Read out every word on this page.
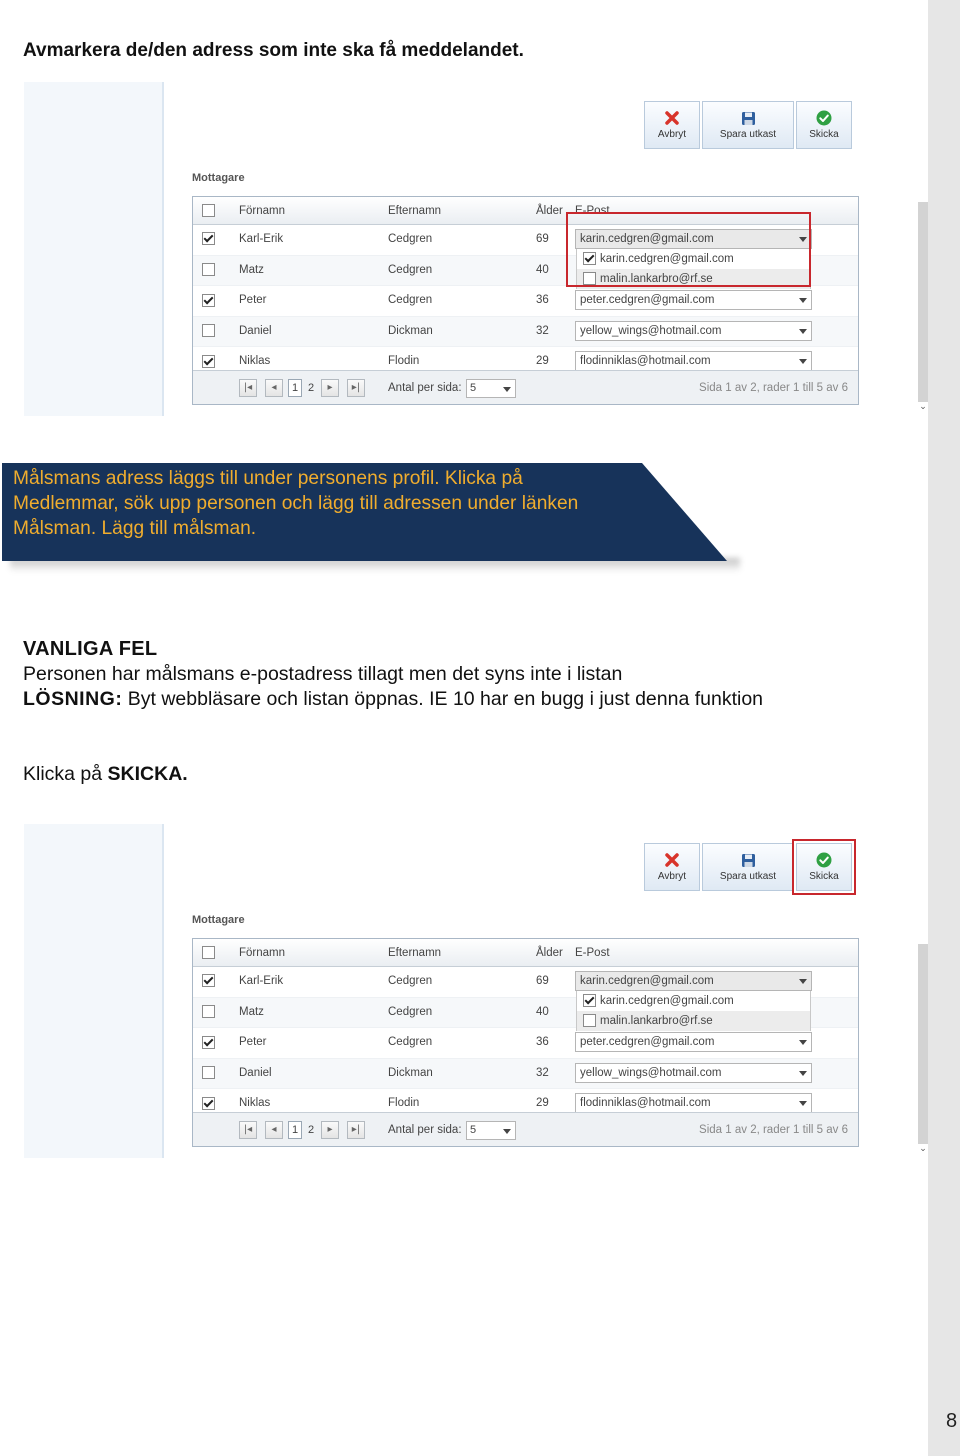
Avmarkera de/den adress som inte ska få meddelandet.
⌄
Avbryt	Spara utkast	Skicka
Mottagare
Förnamn	Efternamn	Ålder E-Post
Karl-Erik	Cedgren	69	karin.cedgren@gmail.com
Matz	Cedgren	40
Peter	Cedgren	36	peter.cedgren@gmail.com
Daniel	Dickman	32	yellow_wings@hotmail.com
Niklas	Flodin	29	flodinniklas@hotmail.com
karin.cedgren@gmail.com
malin.lankarbro@rf.se
|◂	◂	1 2	▸	▸|	Antal per sida: 5	Sida 1 av 2, rader 1 till 5 av 6
Målsmans adress läggs till under personens profil. Klicka på Medlemmar, sök upp personen och lägg till adressen under länken Målsman. Lägg till målsman.
VANLIGA FEL
Personen har målsmans e-postadress tillagt men det syns inte i listan
LÖSNING: Byt webbläsare och listan öppnas. IE 10 har en bugg i just denna funktion
Klicka på SKICKA.
⌄
Avbryt	Spara utkast	Skicka
Mottagare
Förnamn	Efternamn	Ålder E-Post
Karl-Erik	Cedgren	69	karin.cedgren@gmail.com
Matz	Cedgren	40
Peter	Cedgren	36	peter.cedgren@gmail.com
Daniel	Dickman	32	yellow_wings@hotmail.com
Niklas	Flodin	29	flodinniklas@hotmail.com
karin.cedgren@gmail.com
malin.lankarbro@rf.se
|◂	◂	1 2	▸	▸|	Antal per sida: 5	Sida 1 av 2, rader 1 till 5 av 6
8
